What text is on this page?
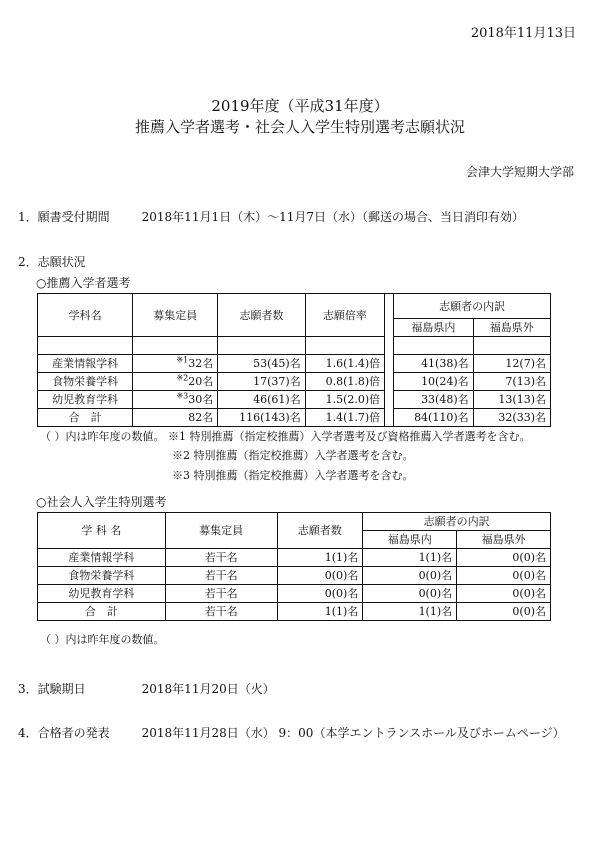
2018年11月13日
2019年度（平成31年度）
推薦入学者選考・社会人入学生特別選考志願状況
会津大学短期大学部
1．願書受付期間	2018年11月1日（木）～11月7日（水）（郵送の場合、当日消印有効）
2．志願状況
○推薦入学者選考
学科名	募集定員	志願者数	志願倍率		志願者の内訳	
					福島県内	福島県外

産業情報学科	$^{※1}$32名	53(45)名	1.6(1.4)倍		41(38)名	12(7)名
食物栄養学科	$^{※2}$20名	17(37)名	0.8(1.8)倍		10(24)名	7(13)名
幼児教育学科	$^{※3}$30名	46(61)名	1.5(2.0)倍		33(48)名	13(13)名
合　計	82名	116(143)名	1.4(1.7)倍		84(110)名	32(33)名
（ ）内は昨年度の数値。 ※1 特別推薦（指定校推薦）入学者選考及び資格推薦入学者選考を含む。
※2 特別推薦（指定校推薦）入学者選考を含む。
※3 特別推薦（指定校推薦）入学者選考を含む。
○社会人入学生特別選考
学 科 名	募集定員	志願者数	志願者の内訳	
			福島県内	福島県外
産業情報学科	若干名	1(1)名	1(1)名	0(0)名
食物栄養学科	若干名	0(0)名	0(0)名	0(0)名
幼児教育学科	若干名	0(0)名	0(0)名	0(0)名
合　計	若干名	1(1)名	1(1)名	0(0)名
（ ）内は昨年度の数値。
3．試験期日	2018年11月20日（火）
4．合格者の発表	2018年11月28日（水） 9：00（本学エントランスホール及びホームページ）
